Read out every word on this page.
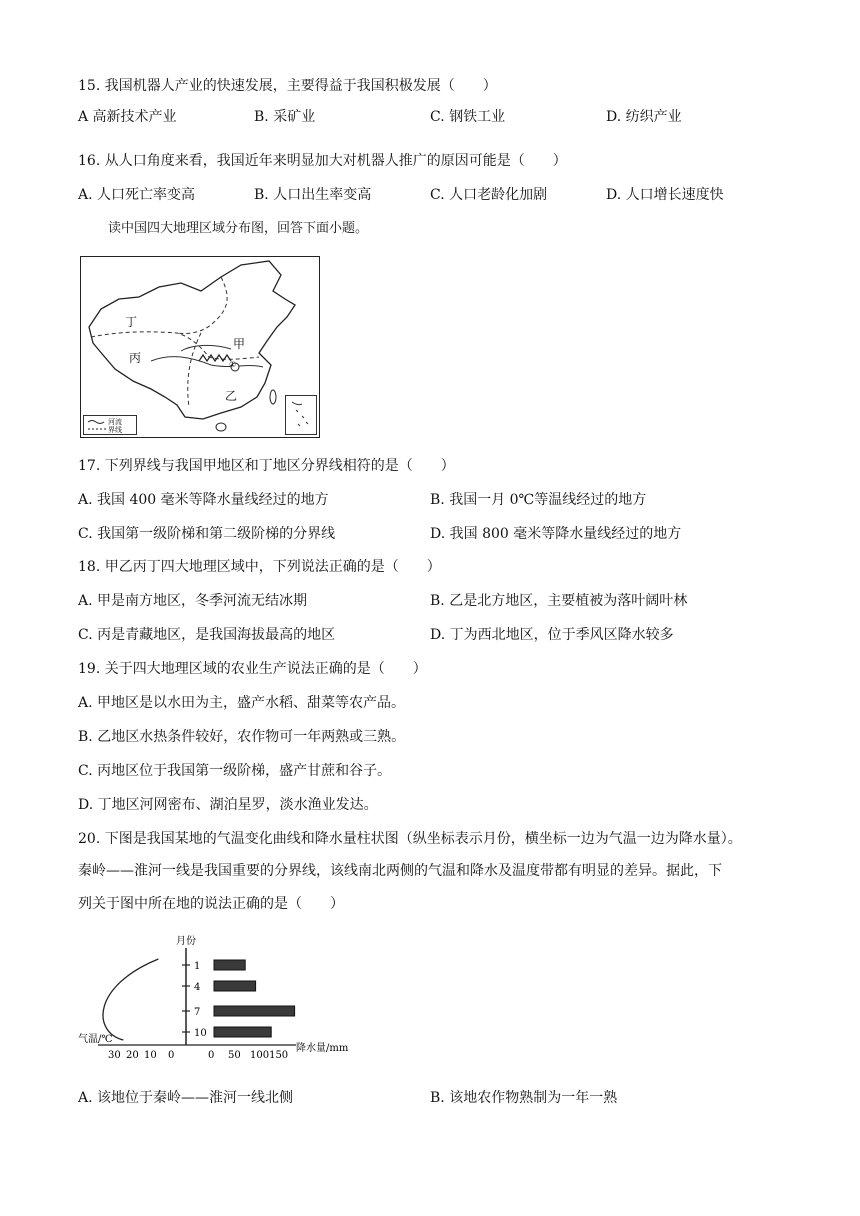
15. 我国机器人产业的快速发展，主要得益于我国积极发展（　　）
A 高新技术产业	B. 采矿业	C. 钢铁工业	D. 纺织产业
16. 从人口角度来看，我国近年来明显加大对机器人推广的原因可能是（　　）
A. 人口死亡率变高	B. 人口出生率变高	C. 人口老龄化加剧	D. 人口增长速度快
读中国四大地理区域分布图，回答下面小题。
丁
甲
丙
乙
①
河流
界线
17. 下列界线与我国甲地区和丁地区分界线相符的是（　　）
A. 我国 400 毫米等降水量线经过的地方	B. 我国一月 0℃等温线经过的地方
C. 我国第一级阶梯和第二级阶梯的分界线	D. 我国 800 毫米等降水量线经过的地方
18. 甲乙丙丁四大地理区域中，下列说法正确的是（　　）
A. 甲是南方地区，冬季河流无结冰期	B. 乙是北方地区，主要植被为落叶阔叶林
C. 丙是青藏地区，是我国海拔最高的地区	D. 丁为西北地区，位于季风区降水较多
19. 关于四大地理区域的农业生产说法正确的是（　　）
A. 甲地区是以水田为主，盛产水稻、甜菜等农产品。
B. 乙地区水热条件较好，农作物可一年两熟或三熟。
C. 丙地区位于我国第一级阶梯，盛产甘蔗和谷子。
D. 丁地区河网密布、湖泊星罗，淡水渔业发达。
20. 下图是我国某地的气温变化曲线和降水量柱状图（纵坐标表示月份，横坐标一边为气温一边为降水量）。
秦岭——淮河一线是我国重要的分界线，该线南北两侧的气温和降水及温度带都有明显的差异。据此，下
列关于图中所在地的说法正确的是（　　）
月份
1
4
7
10
30 20 10 0	0 50 100150
气温/℃
降水量/mm
A. 该地位于秦岭——淮河一线北侧	B. 该地农作物熟制为一年一熟
